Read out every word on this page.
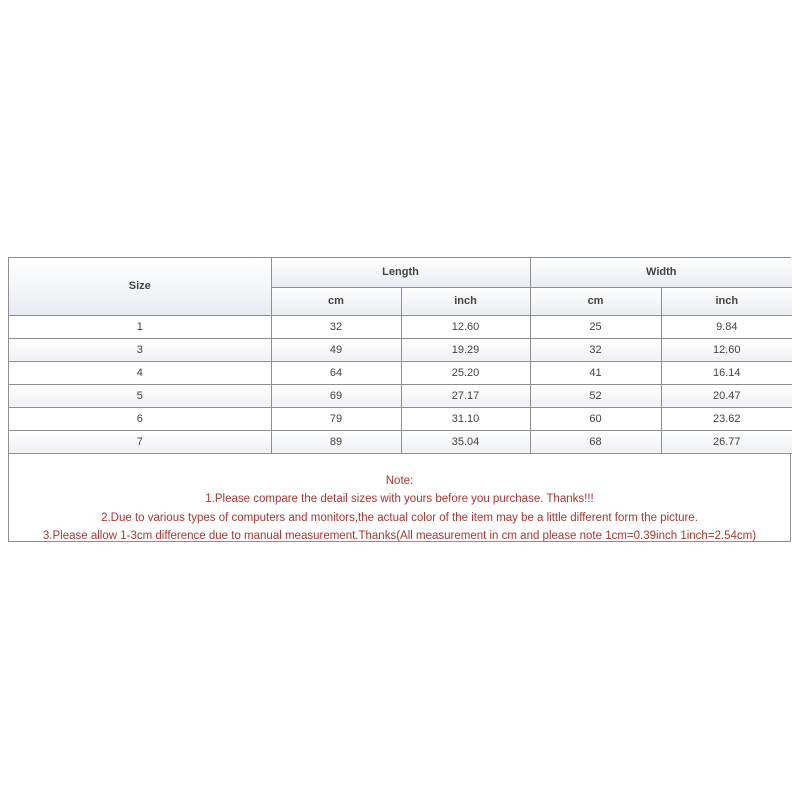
Size	Length		Width	
	cm	inch	cm	inch
1	32	12.60	25	9.84
3	49	19.29	32	12.60
4	64	25.20	41	16.14
5	69	27.17	52	20.47
6	79	31.10	60	23.62
7	89	35.04	68	26.77
Note:
1.Please compare the detail sizes with yours before you purchase. Thanks!!!
2.Due to various types of computers and monitors,the actual color of the item may be a little different form the picture.
3.Please allow 1-3cm difference due to manual measurement.Thanks(All measurement in cm and please note 1cm=0.39inch 1inch=2.54cm)
